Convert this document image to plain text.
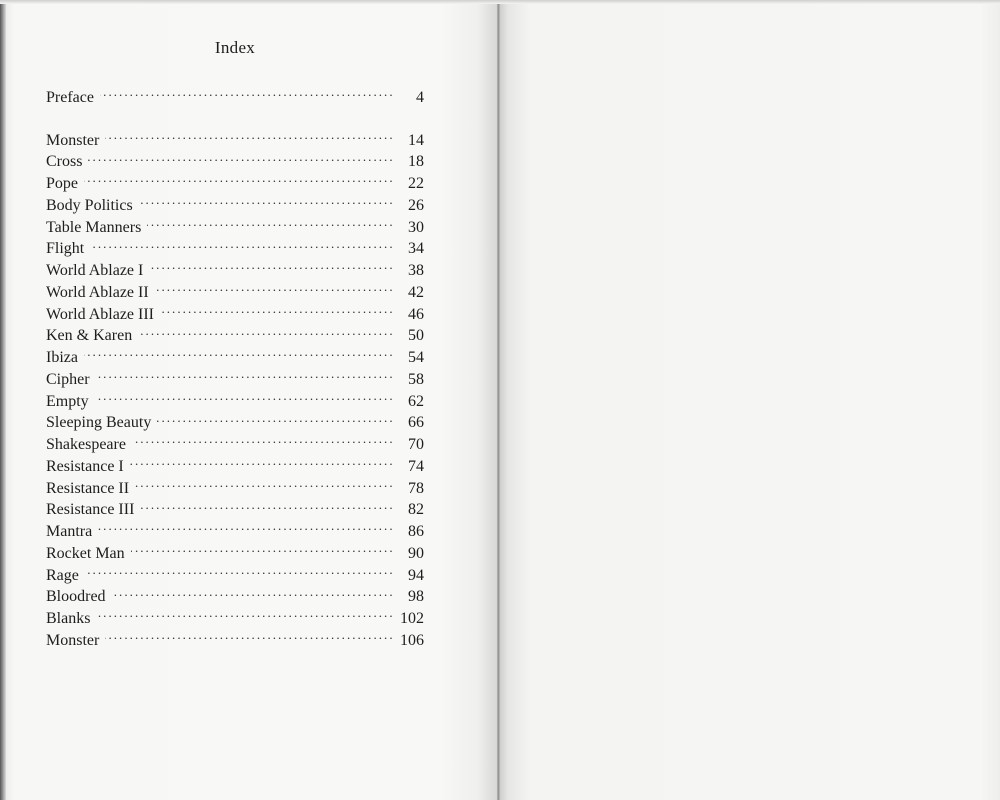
Index
Preface . . .	4
Monster . . .	14
Cross . . .	18
Pope . . .	22
Body Politics . . .	26
Table Manners . . .	30
Flight . . .	34
World Ablaze I . . .	38
World Ablaze II . . .	42
World Ablaze III . . .	46
Ken & Karen . . .	50
Ibiza . . .	54
Cipher . . .	58
Empty . . .	62
Sleeping Beauty . . .	66
Shakespeare . . .	70
Resistance I . . .	74
Resistance II . . .	78
Resistance III . . .	82
Mantra . . .	86
Rocket Man . . .	90
Rage . . .	94
Bloodred . . .	98
Blanks . . .	102
Monster . . .	106
